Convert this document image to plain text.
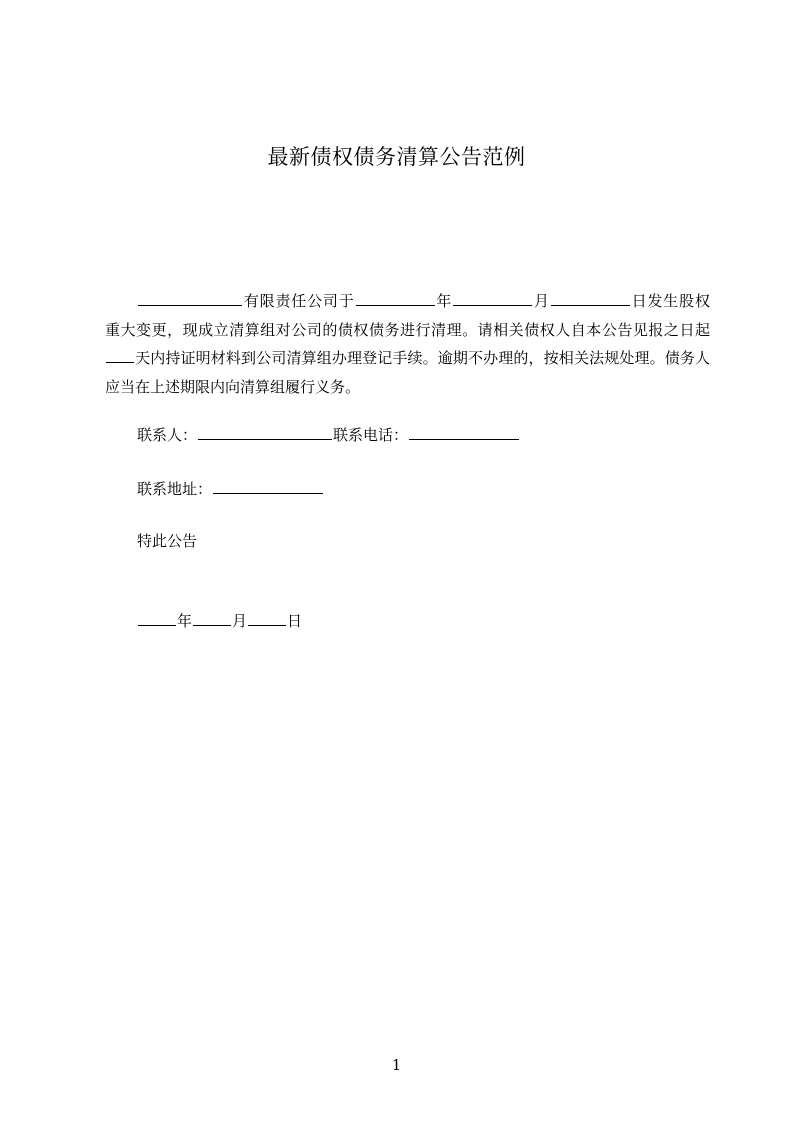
最新债权债务清算公告范例

有限责任公司于	年	月	日发生股权重大变更，现成立清算组对公司的债权债务进行清理。请相关债权人自本公告见报之日起天内持证明材料到公司清算组办理登记手续。逾期不办理的，按相关法规处理。债务人应当在上述期限内向清算组履行义务。

联系人：	联系电话：
联系地址：
特此公告
年	月	日
1
